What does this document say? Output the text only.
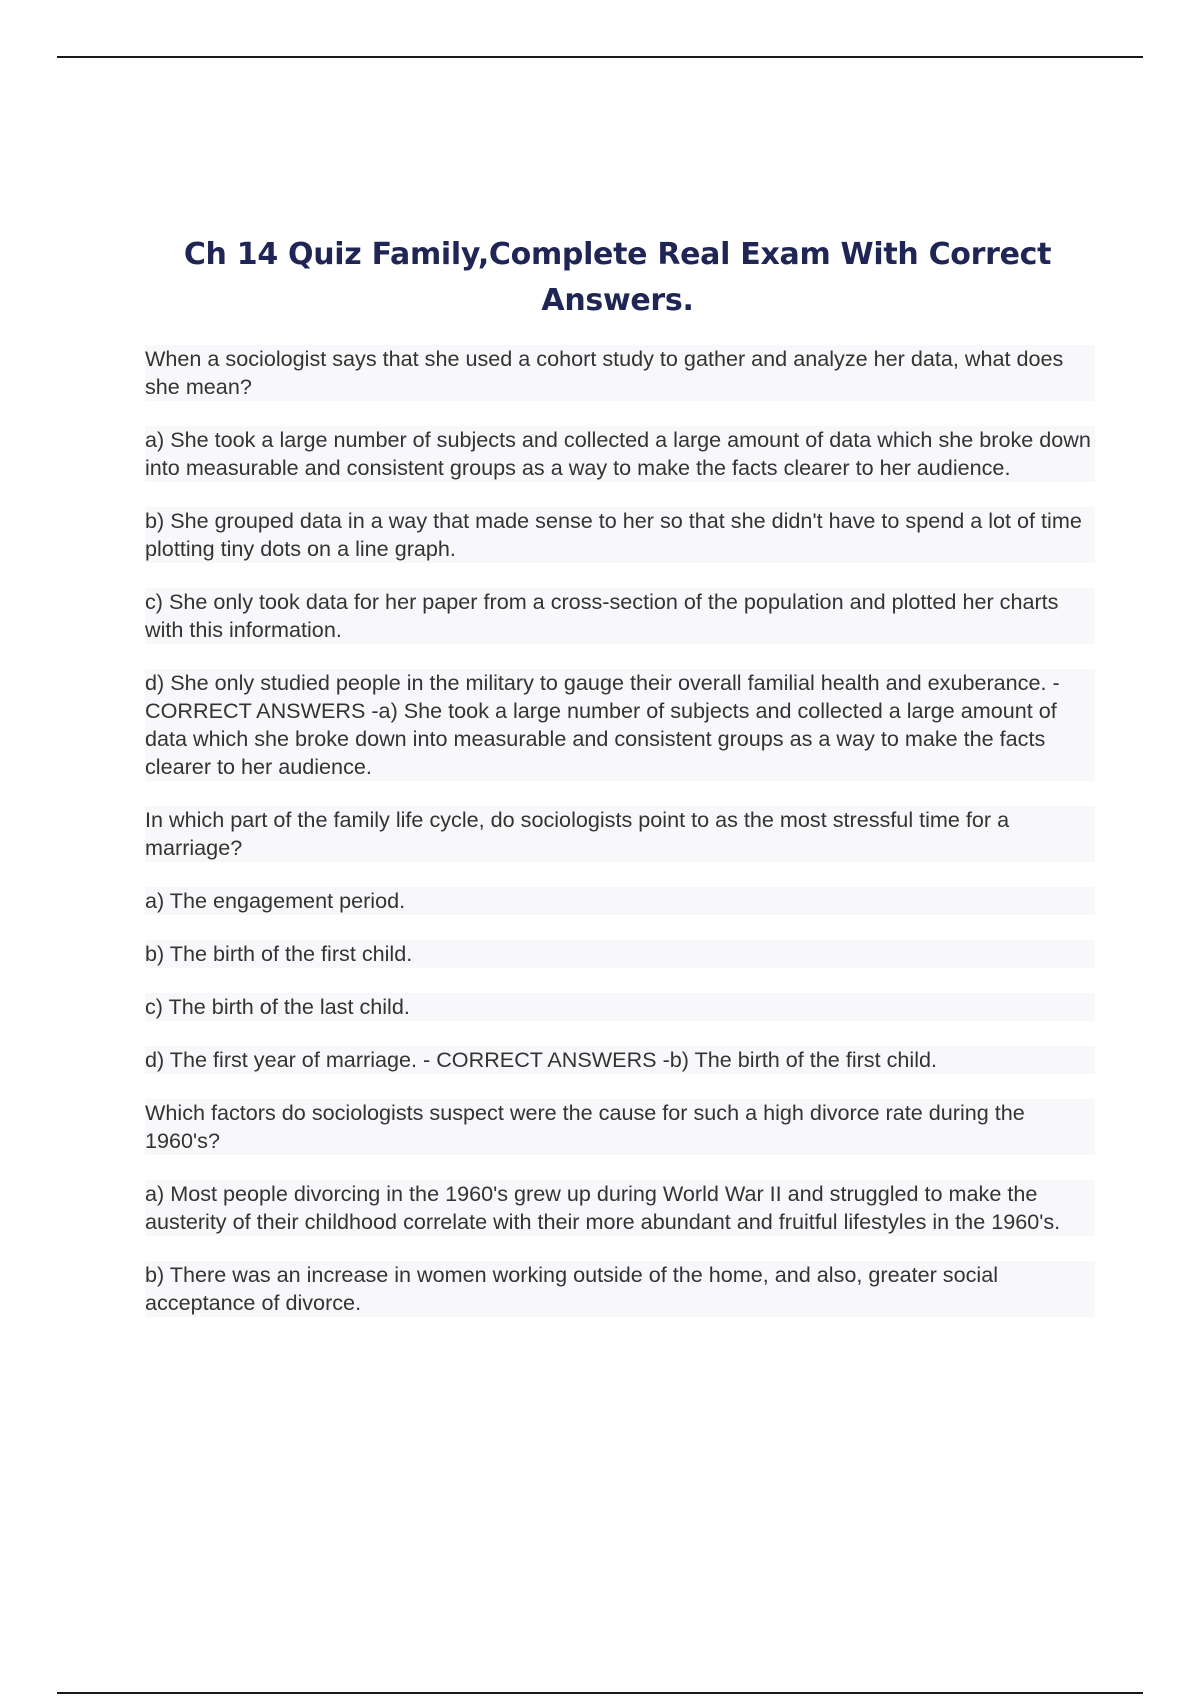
Ch 14 Quiz Family,Complete Real Exam With Correct Answers.

When a sociologist says that she used a cohort study to gather and analyze her data, what does she mean?

a) She took a large number of subjects and collected a large amount of data which she broke down into measurable and consistent groups as a way to make the facts clearer to her audience.

b) She grouped data in a way that made sense to her so that she didn't have to spend a lot of time plotting tiny dots on a line graph.

c) She only took data for her paper from a cross-section of the population and plotted her charts with this information.

d) She only studied people in the military to gauge their overall familial health and exuberance. - CORRECT ANSWERS -a) She took a large number of subjects and collected a large amount of data which she broke down into measurable and consistent groups as a way to make the facts clearer to her audience.

In which part of the family life cycle, do sociologists point to as the most stressful time for a marriage?

a) The engagement period.

b) The birth of the first child.

c) The birth of the last child.

d) The first year of marriage. - CORRECT ANSWERS -b) The birth of the first child.

Which factors do sociologists suspect were the cause for such a high divorce rate during the 1960's?

a) Most people divorcing in the 1960's grew up during World War II and struggled to make the austerity of their childhood correlate with their more abundant and fruitful lifestyles in the 1960's.

b) There was an increase in women working outside of the home, and also, greater social acceptance of divorce.
